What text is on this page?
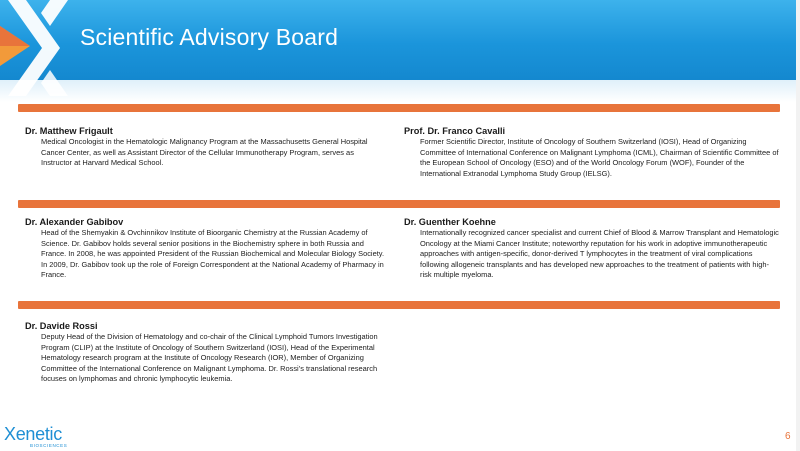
Scientific Advisory Board
Dr. Matthew Frigault
Medical Oncologist in the Hematologic Malignancy Program at the Massachusetts General Hospital Cancer Center, as well as Assistant Director of the Cellular Immunotherapy Program, serves as Instructor at Harvard Medical School.
Prof. Dr. Franco Cavalli
Former Scientific Director, Institute of Oncology of Southern Switzerland (IOSI), Head of Organizing Committee of International Conference on Malignant Lymphoma (ICML), Chairman of Scientific Committee of the European School of Oncology (ESO) and of the World Oncology Forum (WOF), Founder of the International Extranodal Lymphoma Study Group (IELSG).
Dr. Alexander Gabibov
Head of the Shemyakin & Ovchinnikov Institute of Bioorganic Chemistry at the Russian Academy of Science. Dr. Gabibov holds several senior positions in the Biochemistry sphere in both Russia and France. In 2008, he was appointed President of the Russian Biochemical and Molecular Biology Society. In 2009, Dr. Gabibov took up the role of Foreign Correspondent at the National Academy of Pharmacy in France.
Dr. Guenther Koehne
Internationally recognized cancer specialist and current Chief of Blood & Marrow Transplant and Hematologic Oncology at the Miami Cancer Institute; noteworthy reputation for his work in adoptive immunotherapeutic approaches with antigen-specific, donor-derived T lymphocytes in the treatment of viral complications following allogeneic transplants and has developed new approaches to the treatment of patients with high-risk multiple myeloma.
Dr. Davide Rossi
Deputy Head of the Division of Hematology and co-chair of the Clinical Lymphoid Tumors Investigation Program (CLIP) at the Institute of Oncology of Southern Switzerland (IOSI), Head of the Experimental Hematology research program at the Institute of Oncology Research (IOR), Member of Organizing Committee of the International Conference on Malignant Lymphoma. Dr. Rossi’s translational research focuses on lymphomas and chronic lymphocytic leukemia.
Xenetic
BIOSCIENCES
6
